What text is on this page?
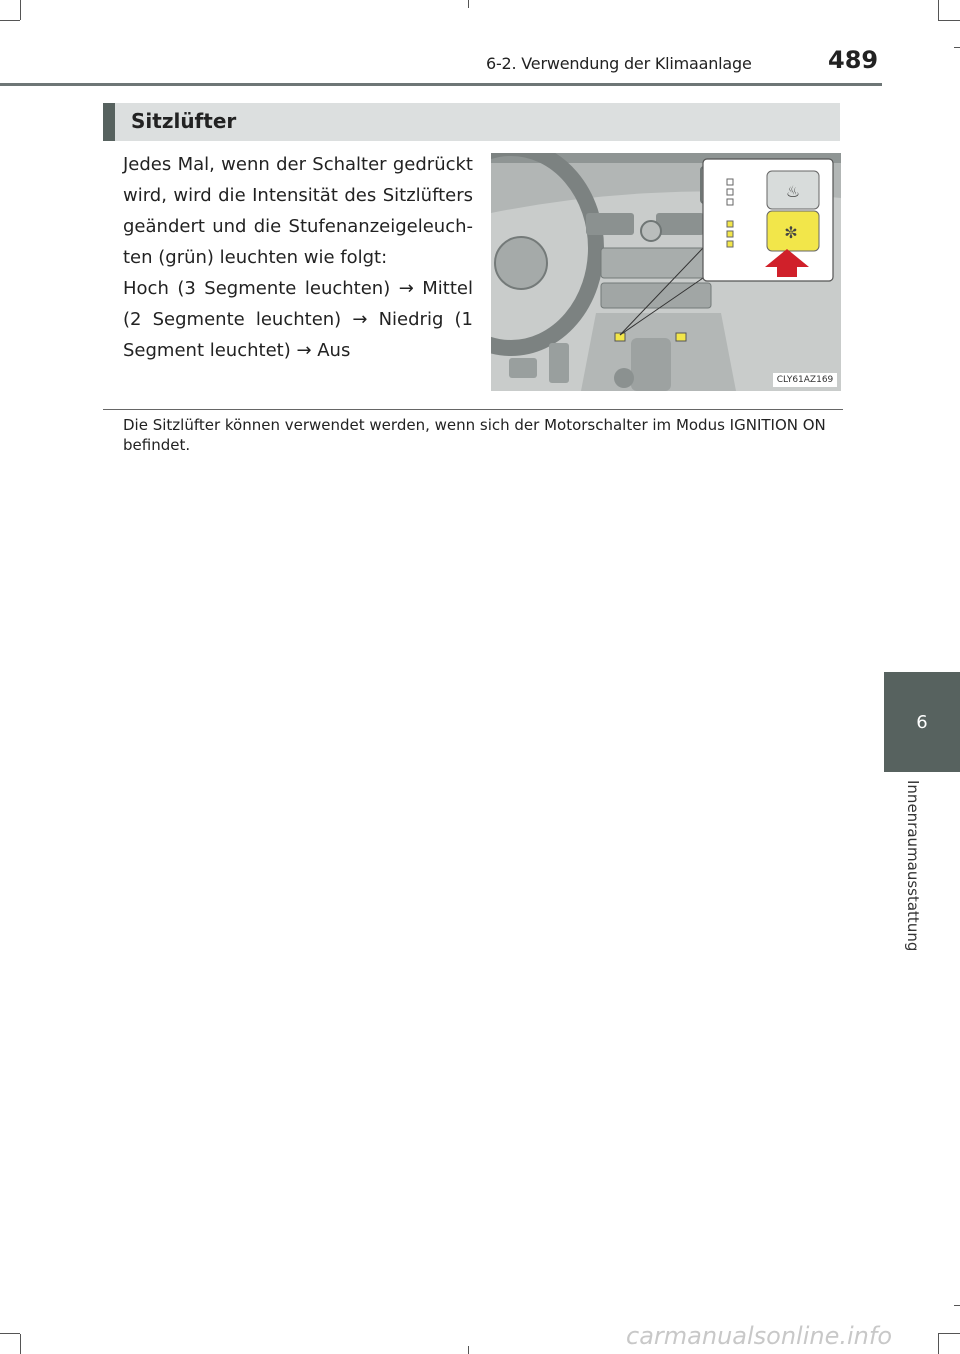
6-2. Verwendung der Klimaanlage	489
Sitzlüfter
Jedes Mal, wenn der Schalter gedrückt wird, wird die Intensität des Sitzlüfters geändert und die Stufenanzeigeleuchten (grün) leuchten wie folgt:
Hoch (3 Segmente leuchten) → Mittel (2 Segmente leuchten) → Niedrig (1 Segment leuchtet) → Aus
♨
✼
CLY61AZ169
Die Sitzlüfter können verwendet werden, wenn sich der Motorschalter im Modus IGNITION ON befindet.
6
Innenraumausstattung
carmanualsonline.info
